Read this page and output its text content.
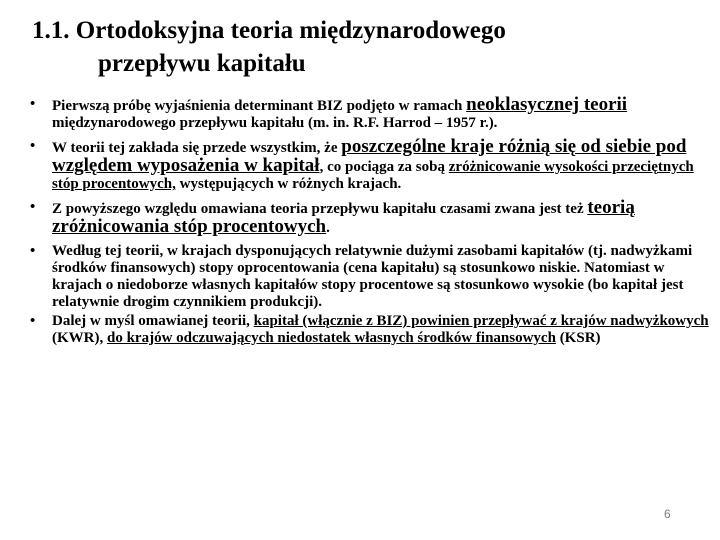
1.1. Ortodoksyjna teoria międzynarodowego
przepływu kapitału
• Pierwszą próbę wyjaśnienia determinant BIZ podjęto w ramach neoklasycznej teorii międzynarodowego przepływu kapitału (m. in. R.F. Harrod – 1957 r.).
• W teorii tej zakłada się przede wszystkim, że poszczególne kraje różnią się od siebie pod względem wyposażenia w kapitał, co pociąga za sobą zróżnicowanie wysokości przeciętnych stóp procentowych, występujących w różnych krajach.
• Z powyższego względu omawiana teoria przepływu kapitału czasami zwana jest też teorią zróżnicowania stóp procentowych.
• Według tej teorii, w krajach dysponujących relatywnie dużymi zasobami kapitałów (tj. nadwyżkami środków finansowych) stopy oprocentowania (cena kapitału) są stosunkowo niskie. Natomiast w krajach o niedoborze własnych kapitałów stopy procentowe są stosunkowo wysokie (bo kapitał jest relatywnie drogim czynnikiem produkcji).
• Dalej w myśl omawianej teorii, kapitał (włącznie z BIZ) powinien przepływać z krajów nadwyżkowych (KWR), do krajów odczuwających niedostatek własnych środków finansowych (KSR)
6
